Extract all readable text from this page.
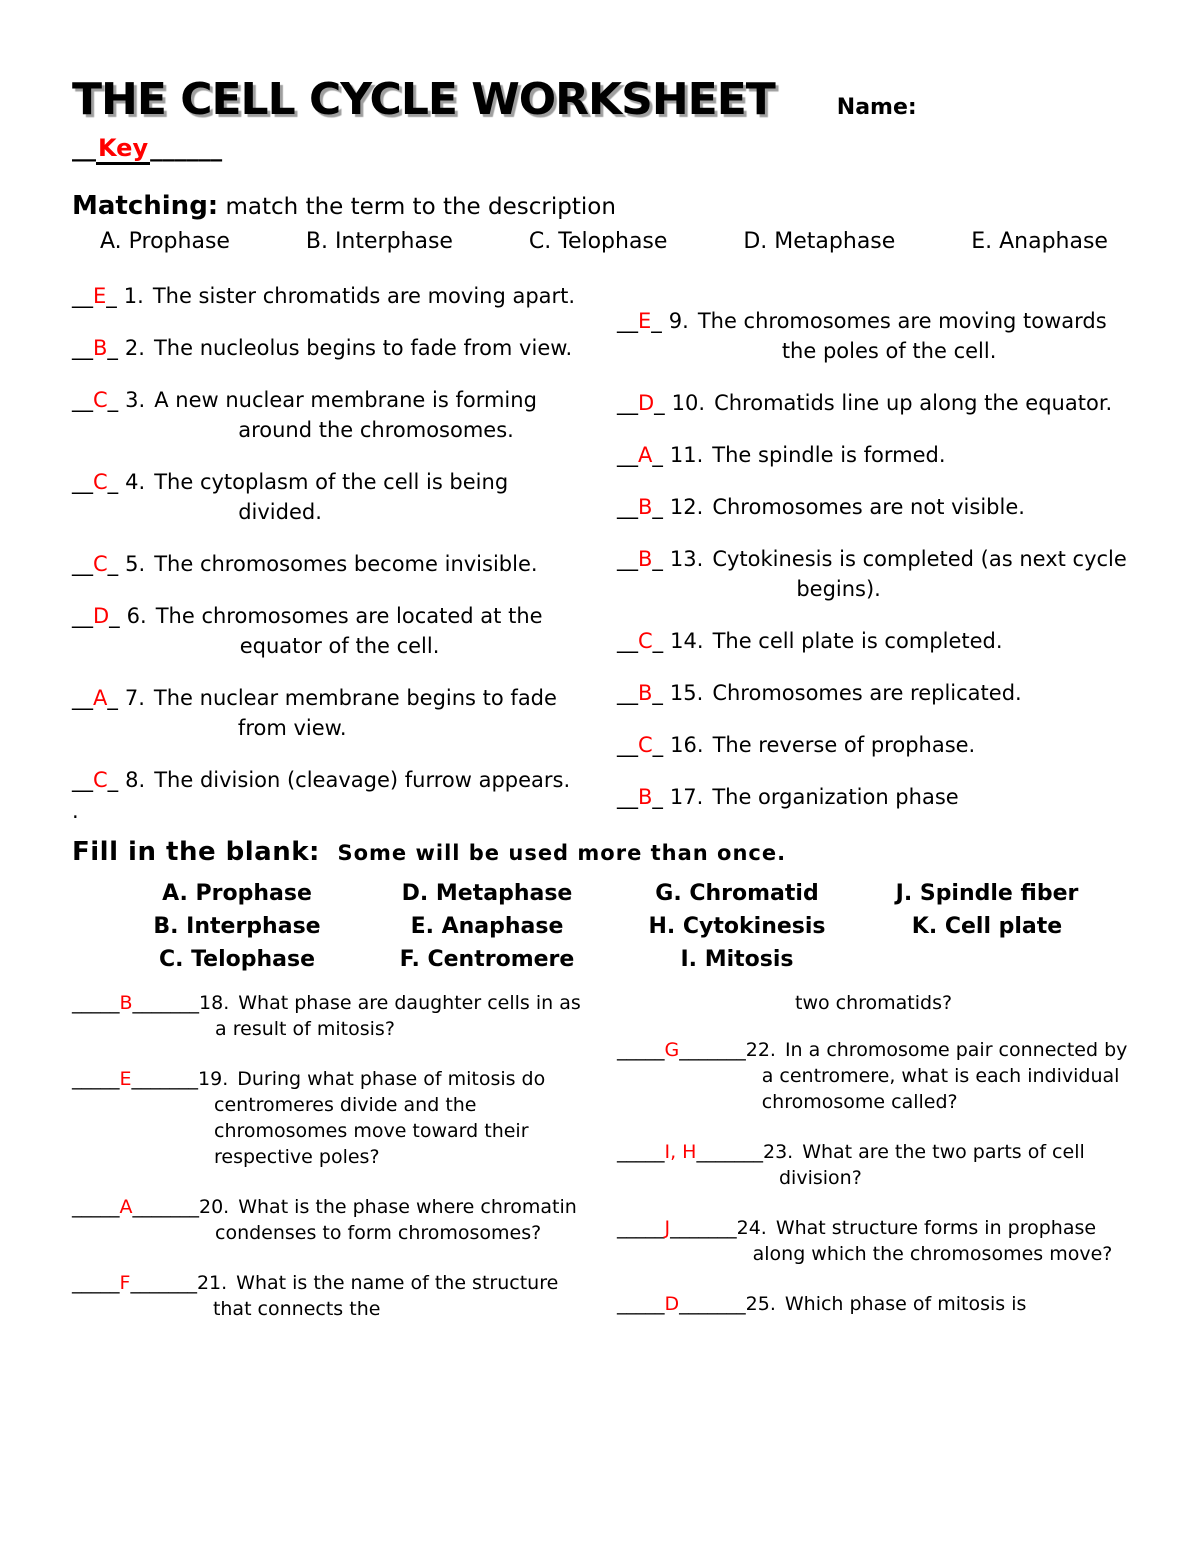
THE CELL CYCLE WORKSHEET	Name:
__Key______
Matching: match the term to the description
A. Prophase	B. Interphase	C. Telophase	D. Metaphase	E. Anaphase
__E_ 1. The sister chromatids are moving apart.
__B_ 2. The nucleolus begins to fade from view.
__C_ 3. A new nuclear membrane is forming around the chromosomes.
__C_ 4. The cytoplasm of the cell is being divided.
__C_ 5. The chromosomes become invisible.
__D_ 6. The chromosomes are located at the equator of the cell.
__A_ 7. The nuclear membrane begins to fade from view.
__C_ 8. The division (cleavage) furrow appears.
.
__E_ 9. The chromosomes are moving towards the poles of the cell.
__D_ 10. Chromatids line up along the equator.
__A_ 11. The spindle is formed.
__B_ 12. Chromosomes are not visible.
__B_ 13. Cytokinesis is completed (as next cycle begins).
__C_ 14. The cell plate is completed.
__B_ 15. Chromosomes are replicated.
__C_ 16. The reverse of prophase.
__B_ 17. The organization phase
Fill in the blank: Some will be used more than once.
A. Prophase	D. Metaphase	G. Chromatid	J. Spindle fiber
B. Interphase	E. Anaphase	H. Cytokinesis	K. Cell plate
C. Telophase	F. Centromere	I. Mitosis
_____B_______ 18. What phase are daughter cells in as a result of mitosis?
_____E_______ 19. During what phase of mitosis do centromeres divide and the chromosomes move toward their respective poles?
_____A_______ 20. What is the phase where chromatin condenses to form chromosomes?
_____F_______ 21. What is the name of the structure that connects the
two chromatids?
_____G_______ 22. In a chromosome pair connected by a centromere, what is each individual chromosome called?
_____I, H_______ 23. What are the two parts of cell division?
_____J_______ 24. What structure forms in prophase along which the chromosomes move?
_____D_______ 25. Which phase of mitosis is
